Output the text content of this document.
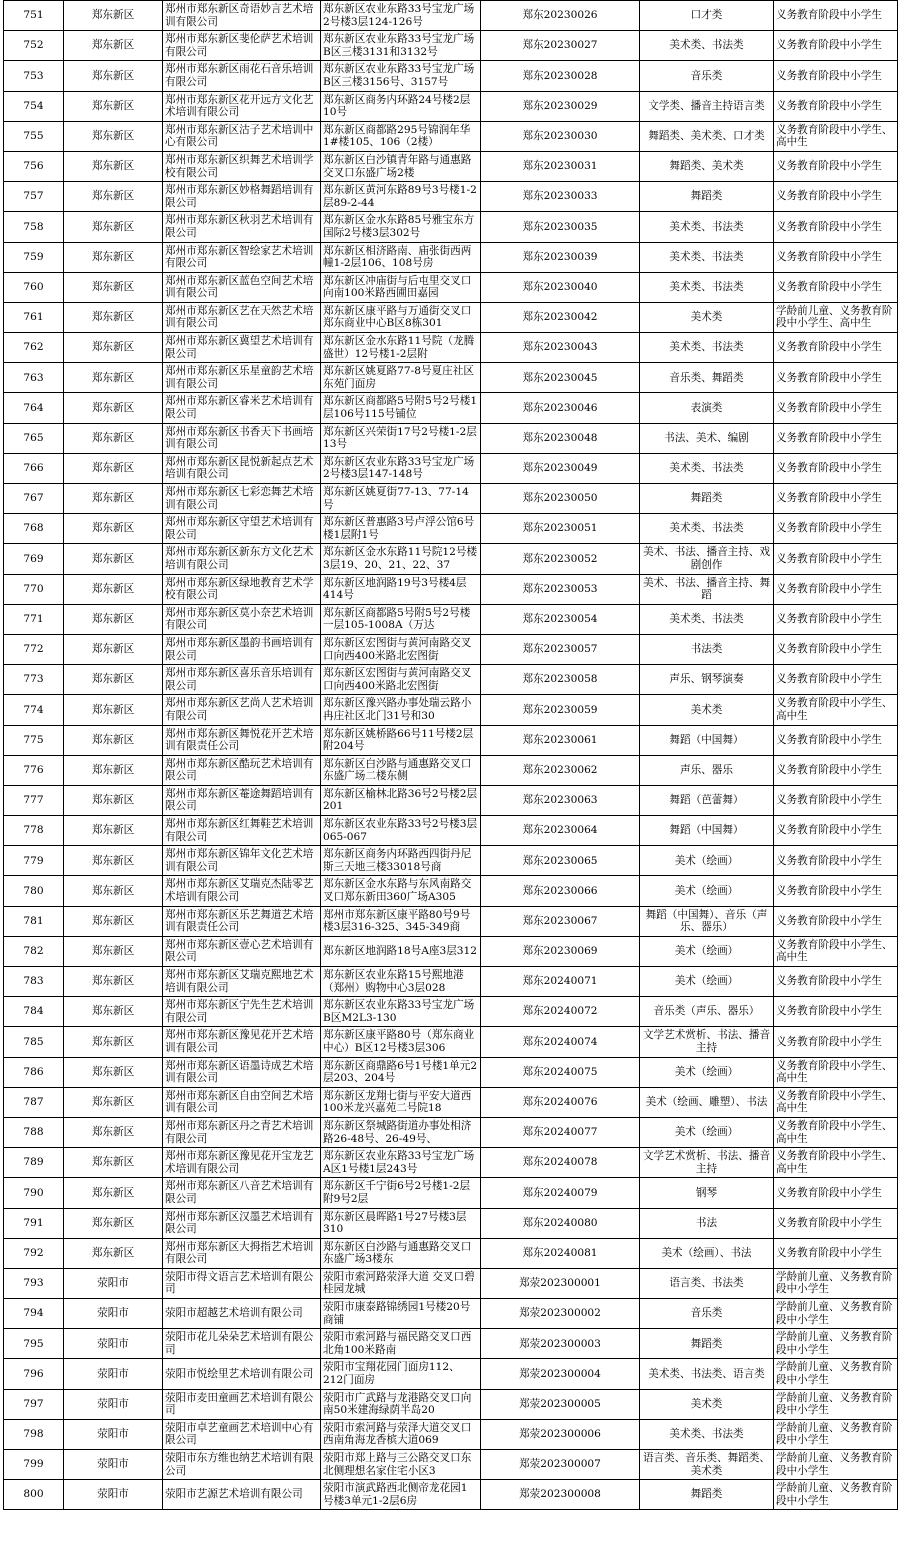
751	郑东新区	郑州市郑东新区奇语妙言艺术培训有限公司	郑东新区农业东路33号宝龙广场2号楼3层124-126号	郑东20230026	口才类	义务教育阶段中小学生
752	郑东新区	郑州市郑东新区斐伦萨艺术培训有限公司	郑东新区农业东路33号宝龙广场B区三楼3131和3132号	郑东20230027	美术类、书法类	义务教育阶段中小学生
753	郑东新区	郑州市郑东新区雨花石音乐培训有限公司	郑东新区农业东路33号宝龙广场B区三楼3156号、3157号	郑东20230028	音乐类	义务教育阶段中小学生
754	郑东新区	郑州市郑东新区花开远方文化艺术培训有限公司	郑东新区商务内环路24号楼2层10号	郑东20230029	文学类、播音主持语言类	义务教育阶段中小学生
755	郑东新区	郑州市郑东新区沽子艺术培训中心有限公司	郑东新区商都路295号锦润年华1#楼105、106（2楼）	郑东20230030	舞蹈类、美术类、口才类	义务教育阶段中小学生、高中生
756	郑东新区	郑州市郑东新区织舞艺术培训学校有限公司	郑东新区白沙镇青年路与通惠路交叉口东盛广场2楼	郑东20230031	舞蹈类、美术类	义务教育阶段中小学生
757	郑东新区	郑州市郑东新区妙格舞蹈培训有限公司	郑东新区黄河东路89号3号楼1-2层89-2-44	郑东20230033	舞蹈类	义务教育阶段中小学生
758	郑东新区	郑州市郑东新区秋羽艺术培训有限公司	郑东新区金水东路85号雅宝东方国际2号楼3层302号	郑东20230035	美术类、书法类	义务教育阶段中小学生
759	郑东新区	郑州市郑东新区智绘家艺术培训有限公司	郑东新区相济路南、庙张街西两幢1-2层106、108号房	郑东20230039	美术类、书法类	义务教育阶段中小学生
760	郑东新区	郑州市郑东新区蓝色空间艺术培训有限公司	郑东新区冲庙街与后屯里交叉口向南100米路西圃田嘉园	郑东20230040	美术类、书法类	义务教育阶段中小学生
761	郑东新区	郑州市郑东新区艺在天然艺术培训有限公司	郑东新区康平路与万通街交叉口郑东商业中心B区8栋301	郑东20230042	美术类	学龄前儿童、义务教育阶段中小学生、高中生
762	郑东新区	郑州市郑东新区冀望艺术培训有限公司	郑东新区金水东路11号院（龙腾盛世）12号楼1-2层附	郑东20230043	美术类、书法类	义务教育阶段中小学生
763	郑东新区	郑州市郑东新区乐星童韵艺术培训有限公司	郑东新区姚夏路77-8号夏庄社区东苑门面房	郑东20230045	音乐类、舞蹈类	义务教育阶段中小学生
764	郑东新区	郑州市郑东新区睿米艺术培训有限公司	郑东新区商都路5号附5号2号楼1层106号115号铺位	郑东20230046	表演类	义务教育阶段中小学生
765	郑东新区	郑州市郑东新区书香天下书画培训有限公司	郑东新区兴荣街17号2号楼1-2层13号	郑东20230048	书法、美术、编剧	义务教育阶段中小学生
766	郑东新区	郑州市郑东新区昆悦新起点艺术培训有限公司	郑东新区农业东路33号宝龙广场2号楼3层147-148号	郑东20230049	美术类、书法类	义务教育阶段中小学生
767	郑东新区	郑州市郑东新区七彩恋舞艺术培训有限公司	郑东新区姚夏街77-13、77-14号	郑东20230050	舞蹈类	义务教育阶段中小学生
768	郑东新区	郑州市郑东新区守望艺术培训有限公司	郑东新区普惠路3号卢浮公馆6号楼1层附1号	郑东20230051	美术类、书法类	义务教育阶段中小学生
769	郑东新区	郑州市郑东新区新东方文化艺术培训有限公司	郑东新区金水东路11号院12号楼3层19、20、21、22、37	郑东20230052	美术、书法、播音主持、戏剧创作	义务教育阶段中小学生
770	郑东新区	郑州市郑东新区绿地教育艺术学校有限公司	郑东新区地润路19号3号楼4层414号	郑东20230053	美术、书法、播音主持、舞蹈	义务教育阶段中小学生
771	郑东新区	郑州市郑东新区莫小奈艺术培训有限公司	郑东新区商都路5号附5号2号楼一层105-1008A（万达	郑东20230054	美术类、书法类	义务教育阶段中小学生
772	郑东新区	郑州市郑东新区墨韵书画培训有限公司	郑东新区宏图街与黄河南路交叉口向西400米路北宏图街	郑东20230057	书法类	义务教育阶段中小学生
773	郑东新区	郑州市郑东新区喜乐音乐培训有限公司	郑东新区宏图街与黄河南路交叉口向西400米路北宏图街	郑东20230058	声乐、钢琴演奏	义务教育阶段中小学生
774	郑东新区	郑州市郑东新区艺尚人艺术培训有限公司	郑东新区豫兴路办事处瑞云路小冉庄社区北门31号和30	郑东20230059	美术类	义务教育阶段中小学生、高中生
775	郑东新区	郑州市郑东新区舞悦花开艺术培训有限责任公司	郑东新区姚桥路66号11号楼2层附204号	郑东20230061	舞蹈（中国舞）	义务教育阶段中小学生
776	郑东新区	郑州市郑东新区酷玩艺术培训有限公司	郑东新区白沙路与通惠路交叉口东盛广场二楼东侧	郑东20230062	声乐、器乐	义务教育阶段中小学生
777	郑东新区	郑州市郑东新区菴途舞蹈培训有限公司	郑东新区榆林北路36号2号楼2层201	郑东20230063	舞蹈（芭蕾舞）	义务教育阶段中小学生
778	郑东新区	郑州市郑东新区红舞鞋艺术培训有限公司	郑东新区农业东路33号2号楼3层065-067	郑东20230064	舞蹈（中国舞）	义务教育阶段中小学生
779	郑东新区	郑州市郑东新区锦年文化艺术培训有限公司	郑东新区商务内环路西四街丹尼斯三天地三楼33018号商	郑东20230065	美术（绘画）	义务教育阶段中小学生
780	郑东新区	郑州市郑东新区艾瑞克杰陆零艺术培训有限公司	郑东新区金水东路与东风南路交叉口郑东新田360广场A305	郑东20230066	美术（绘画）	义务教育阶段中小学生
781	郑东新区	郑州市郑东新区乐艺舞道艺术培训有限责任公司	郑州市郑东新区康平路80号9号楼3层316-325、345-349商	郑东20230067	舞蹈（中国舞）、音乐（声乐、器乐）	义务教育阶段中小学生
782	郑东新区	郑州市郑东新区壹心艺术培训有限公司	郑东新区地润路18号A座3层312	郑东20230069	美术（绘画）	义务教育阶段中小学生、高中生
783	郑东新区	郑州市郑东新区艾瑞克熙地艺术培训有限公司	郑东新区农业东路15号熙地港（郑州）购物中心3层028	郑东20240071	美术（绘画）	义务教育阶段中小学生
784	郑东新区	郑州市郑东新区宁先生艺术培训有限公司	郑东新区农业东路33号宝龙广场B区M2L3-130	郑东20240072	音乐类（声乐、器乐）	义务教育阶段中小学生
785	郑东新区	郑州市郑东新区豫见花开艺术培训有限公司	郑东新区康平路80号（郑东商业中心）B区12号楼3层306	郑东20240074	文学艺术赏析、书法、播音主持	义务教育阶段中小学生
786	郑东新区	郑州市郑东新区语墨诗成艺术培训有限公司	郑东新区商鼎路6号1号楼1单元2层203、204号	郑东20240075	美术（绘画）	义务教育阶段中小学生、高中生
787	郑东新区	郑州市郑东新区自由空间艺术培训有限公司	郑东新区龙翔七街与平安大道西100米龙兴嘉苑二号院18	郑东20240076	美术（绘画、雕塑）、书法	义务教育阶段中小学生、高中生
788	郑东新区	郑州市郑东新区丹之青艺术培训有限公司	郑东新区祭城路街道办事处相济路26-48号、26-49号、	郑东20240077	美术（绘画）	义务教育阶段中小学生、高中生
789	郑东新区	郑州市郑东新区豫见花开宝龙艺术培训有限公司	郑东新区农业东路33号宝龙广场A区1号楼1层243号	郑东20240078	文学艺术赏析、书法、播音主持	义务教育阶段中小学生、高中生
790	郑东新区	郑州市郑东新区八音艺术培训有限公司	郑东新区千宁街6号2号楼1-2层附9号2层	郑东20240079	钢琴	义务教育阶段中小学生
791	郑东新区	郑州市郑东新区汉墨艺术培训有限公司	郑东新区晨晖路1号27号楼3层310	郑东20240080	书法	义务教育阶段中小学生
792	郑东新区	郑州市郑东新区大拇指艺术培训有限公司	郑东新区白沙路与通惠路交叉口东盛广场3楼东	郑东20240081	美术（绘画）、书法	义务教育阶段中小学生
793	荥阳市	荥阳市得文语言艺术培训有限公司	荥阳市索河路荥泽大道 交叉口碧桂园龙城	郑荥202300001	语言类、书法类	学龄前儿童、义务教育阶段中小学生
794	荥阳市	荥阳市超越艺术培训有限公司	荥阳市康泰路锦绣园1号楼20号商铺	郑荥202300002	音乐类	学龄前儿童、义务教育阶段中小学生
795	荥阳市	荥阳市花儿朵朵艺术培训有限公司	荥阳市索河路与福民路交叉口西北角100米路南	郑荥202300003	舞蹈类	学龄前儿童、义务教育阶段中小学生
796	荥阳市	荥阳市悦绘里艺术培训有限公司	荥阳市宝翔花园门面房112、212门面房	郑荥202300004	美术类、书法类、语言类	学龄前儿童、义务教育阶段中小学生
797	荥阳市	荥阳市麦田童画艺术培训有限公司	荥阳市广武路与龙港路交叉口向南50米建海绿荫半岛20	郑荥202300005	美术类	学龄前儿童、义务教育阶段中小学生
798	荥阳市	荥阳市卓艺童画艺术培训中心有限公司	荥阳市索河路与荥泽大道交叉口西南角海龙香槟大道069	郑荥202300006	美术类、书法类	学龄前儿童、义务教育阶段中小学生
799	荥阳市	荥阳市东方维也纳艺术培训有限公司	荥阳市郑上路与三公路交叉口东北侧理想名家住宅小区3	郑荥202300007	语言类、音乐类、舞蹈类、美术类	学龄前儿童、义务教育阶段中小学生
800	荥阳市	荥阳市艺源艺术培训有限公司	荥阳市演武路西北侧帝龙花园1号楼3单元1-2层6房	郑荥202300008	舞蹈类	学龄前儿童、义务教育阶段中小学生
